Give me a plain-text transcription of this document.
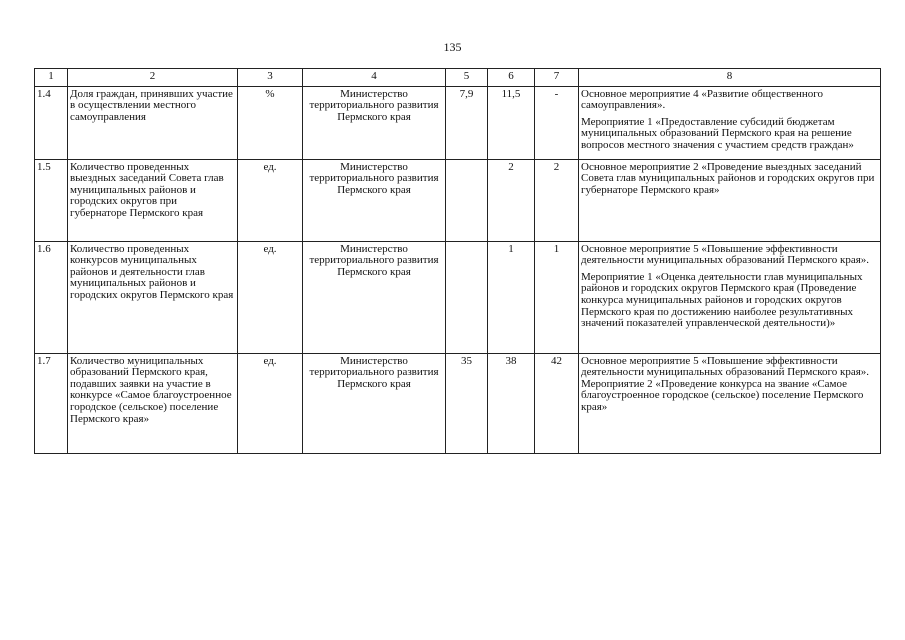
135
1	2	3	4	5	6	7	8
1.4	Доля граждан, принявших участие в осуществлении местного самоуправления	%	Министерство территориального развития Пермского края	7,9	11,5	-	Основное мероприятие 4 «Развитие общественного самоуправления».

Мероприятие 1 «Предоставление субсидий бюджетам муниципальных образований Пермского края на решение вопросов местного значения с участием средств граждан»

1.5	Количество проведенных выездных заседаний Совета глав муниципальных районов и городских округов при губернаторе Пермского края	ед.	Министерство территориального развития Пермского края		2	2	Основное мероприятие 2 «Проведение выездных заседаний Совета глав муниципальных районов и городских округов при губернаторе Пермского края»

1.6	Количество проведенных конкурсов муниципальных районов и деятельности глав муниципальных районов и городских округов Пермского края	ед.	Министерство территориального развития Пермского края		1	1	Основное мероприятие 5 «Повышение эффективности деятельности муниципальных образований Пермского края».

Мероприятие 1 «Оценка деятельности глав муниципальных районов и городских округов Пермского края (Проведение конкурса муниципальных районов и городских округов Пермского края по достижению наиболее результативных значений показателей управленческой деятельности)»

1.7	Количество муниципальных образований Пермского края, подавших заявки на участие в конкурсе «Самое благоустроенное городское (сельское) поселение Пермского края»	ед.	Министерство территориального развития Пермского края	35	38	42	Основное мероприятие 5 «Повышение эффективности деятельности муниципальных образований Пермского края». Мероприятие 2 «Проведение конкурса на звание «Самое благоустроенное городское (сельское) поселение Пермского края»
